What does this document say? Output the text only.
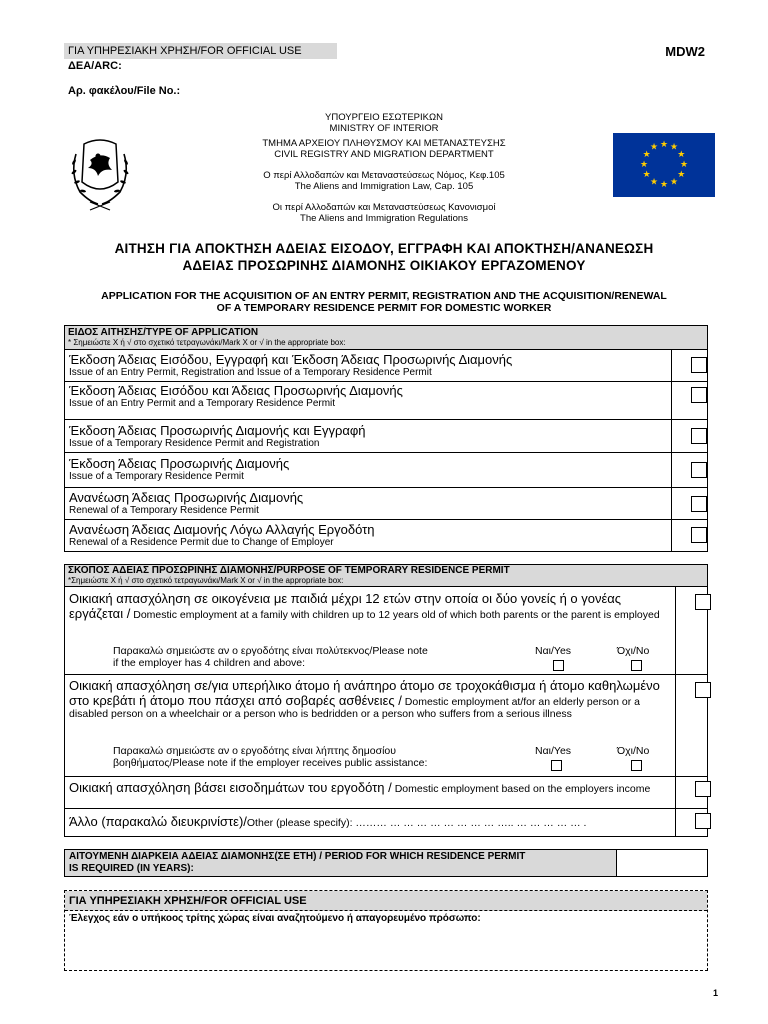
ΓΙΑ ΥΠΗΡΕΣΙΑΚΗ ΧΡΗΣΗ/FOR OFFICIAL USE
ΔΕΑ/ARC:
Αρ. φακέλου/File No.:
MDW2
★ ★
★
★
★
★
★
★
★
★
★
★
ΥΠΟΥΡΓΕΙΟ ΕΣΩΤΕΡΙΚΩΝ
MINISTRY OF INTERIOR
ΤΜΗΜΑ ΑΡΧΕΙΟΥ ΠΛΗΘΥΣΜΟΥ ΚΑΙ ΜΕΤΑΝΑΣΤΕΥΣΗΣ
CIVIL REGISTRY AND MIGRATION DEPARTMENT
Ο περί Αλλοδαπών και Μεταναστεύσεως Νόμος, Κεφ.105
The Aliens and Immigration Law, Cap. 105
Οι περί Αλλοδαπών και Μεταναστεύσεως Κανονισμοί
The Aliens and Immigration Regulations
ΑΙΤΗΣΗ ΓΙΑ ΑΠΟΚΤΗΣΗ ΑΔΕΙΑΣ ΕΙΣΟΔΟΥ, ΕΓΓΡΑΦΗ ΚΑΙ ΑΠΟΚΤΗΣΗ/ΑΝΑΝΕΩΣΗ
ΑΔΕΙΑΣ ΠΡΟΣΩΡΙΝΗΣ ΔΙΑΜΟΝΗΣ ΟΙΚΙΑΚΟΥ ΕΡΓΑΖΟΜΕΝΟΥ
APPLICATION FOR THE ACQUISITION OF AN ENTRY PERMIT, REGISTRATION AND THE ACQUISITION/RENEWAL
OF A TEMPORARY RESIDENCE PERMIT FOR DOMESTIC WORKER
ΕΙΔΟΣ ΑΙΤΗΣΗΣ/TYPE OF APPLICATION
* Σημειώστε Χ ή √ στο σχετικό τετραγωνάκι/Mark X or √ in the appropriate box:
Έκδοση Άδειας Εισόδου, Εγγραφή και Έκδοση Άδειας Προσωρινής Διαμονής
Issue of an Entry Permit, Registration and Issue of a Temporary Residence Permit
Έκδοση Άδειας Εισόδου και Άδειας Προσωρινής Διαμονής
Issue of an Entry Permit and a Temporary Residence Permit
Έκδοση Άδειας Προσωρινής Διαμονής και Εγγραφή
Issue of a Temporary Residence Permit and Registration
Έκδοση Άδειας Προσωρινής Διαμονής
Issue of a Temporary Residence Permit
Ανανέωση Άδειας Προσωρινής Διαμονής
Renewal of a Temporary Residence Permit
Ανανέωση Άδειας Διαμονής Λόγω Αλλαγής Εργοδότη
Renewal of a Residence Permit due to Change of Employer
ΣΚΟΠΟΣ ΑΔΕΙΑΣ ΠΡΟΣΩΡΙΝΗΣ ΔΙΑΜΟΝΗΣ/PURPOSE OF TEMPORARY RESIDENCE PERMIT
*Σημειώστε Χ ή √ στο σχετικό τετραγωνάκι/Mark X or √ in the appropriate box:
Οικιακή απασχόληση σε οικογένεια με παιδιά μέχρι 12 ετών στην οποία οι δύο γονείς ή ο γονέας εργάζεται / Domestic employment at a family with children up to 12 years old of which both parents or the parent is employed
Παρακαλώ σημειώστε αν ο εργοδότης είναι πολύτεκνος/Please note
if the employer has 4 children and above:
Ναι/Yes	Όχι/No
Οικιακή απασχόληση σε/για υπερήλικο άτομο ή ανάπηρο άτομο σε τροχοκάθισμα ή άτομο καθηλωμένο στο κρεβάτι ή άτομο που πάσχει από σοβαρές ασθένειες / Domestic employment at/for an elderly person or a disabled person on a wheelchair or a person who is bedridden or a person who suffers from a serious illness
Παρακαλώ σημειώστε αν ο εργοδότης είναι λήπτης δημοσίου
βοηθήματος/Please note if the employer receives public assistance:
Ναι/Yes	Όχι/No
Οικιακή απασχόληση βάσει εισοδημάτων του εργοδότη / Domestic employment based on the employers income
Άλλο (παρακαλώ διευκρινίστε)/Other (please specify): ……… … … … … … … … … ….. … … … … … .
ΑΙΤΟΥΜΕΝΗ ΔΙΑΡΚΕΙΑ ΑΔΕΙΑΣ ΔΙΑΜΟΝΗΣ(ΣΕ ΕΤΗ) / PERIOD FOR WHICH RESIDENCE PERMIT
IS REQUIRED (IN YEARS):
ΓΙΑ ΥΠΗΡΕΣΙΑΚΗ ΧΡΗΣΗ/FOR OFFICIAL USE
Έλεγχος εάν ο υπήκοος τρίτης χώρας είναι αναζητούμενο ή απαγορευμένο πρόσωπο:
1
